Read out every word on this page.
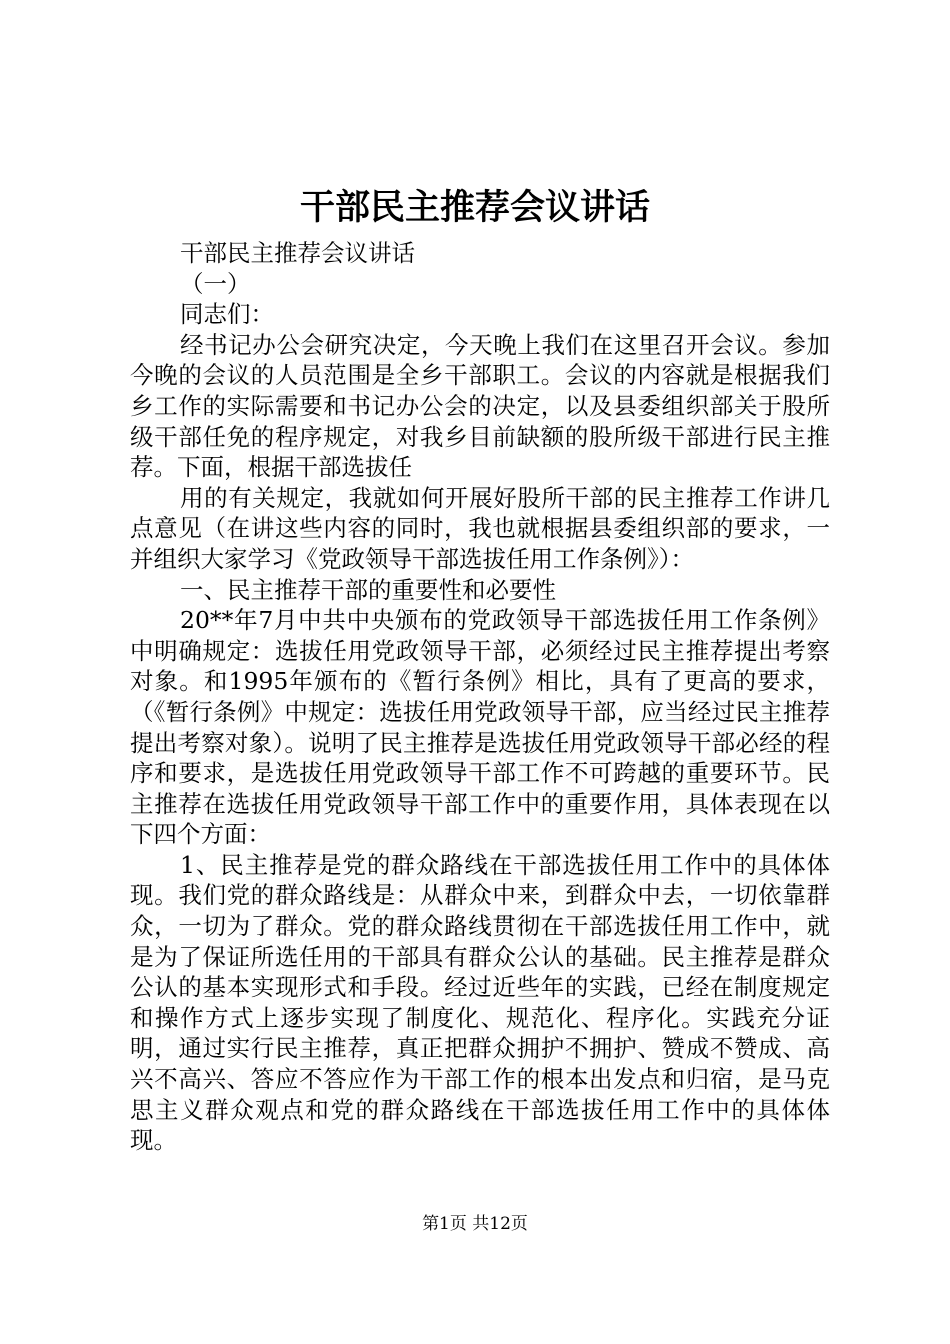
干部民主推荐会议讲话

干部民主推荐会议讲话

（一）

同志们：

经书记办公会研究决定，今天晚上我们在这里召开会议。参加今晚的会议的人员范围是全乡干部职工。会议的内容就是根据我们乡工作的实际需要和书记办公会的决定，以及县委组织部关于股所级干部任免的程序规定，对我乡目前缺额的股所级干部进行民主推荐。下面，根据干部选拔任

用的有关规定，我就如何开展好股所干部的民主推荐工作讲几点意见（在讲这些内容的同时，我也就根据县委组织部的要求，一并组织大家学习《党政领导干部选拔任用工作条例》）：

一、民主推荐干部的重要性和必要性

20**年7月中共中央颁布的党政领导干部选拔任用工作条例》中明确规定：选拔任用党政领导干部，必须经过民主推荐提出考察对象。和1995年颁布的《暂行条例》相比，具有了更高的要求，（《暂行条例》中规定：选拔任用党政领导干部，应当经过民主推荐提出考察对象）。说明了民主推荐是选拔任用党政领导干部必经的程序和要求，是选拔任用党政领导干部工作不可跨越的重要环节。民主推荐在选拔任用党政领导干部工作中的重要作用，具体表现在以下四个方面：

1、民主推荐是党的群众路线在干部选拔任用工作中的具体体现。我们党的群众路线是：从群众中来，到群众中去，一切依靠群众，一切为了群众。党的群众路线贯彻在干部选拔任用工作中，就是为了保证所选任用的干部具有群众公认的基础。民主推荐是群众公认的基本实现形式和手段。经过近些年的实践，已经在制度规定和操作方式上逐步实现了制度化、规范化、程序化。实践充分证明，通过实行民主推荐，真正把群众拥护不拥护、赞成不赞成、高兴不高兴、答应不答应作为干部工作的根本出发点和归宿，是马克思主义群众观点和党的群众路线在干部选拔任用工作中的具体体现。

第1页 共12页
